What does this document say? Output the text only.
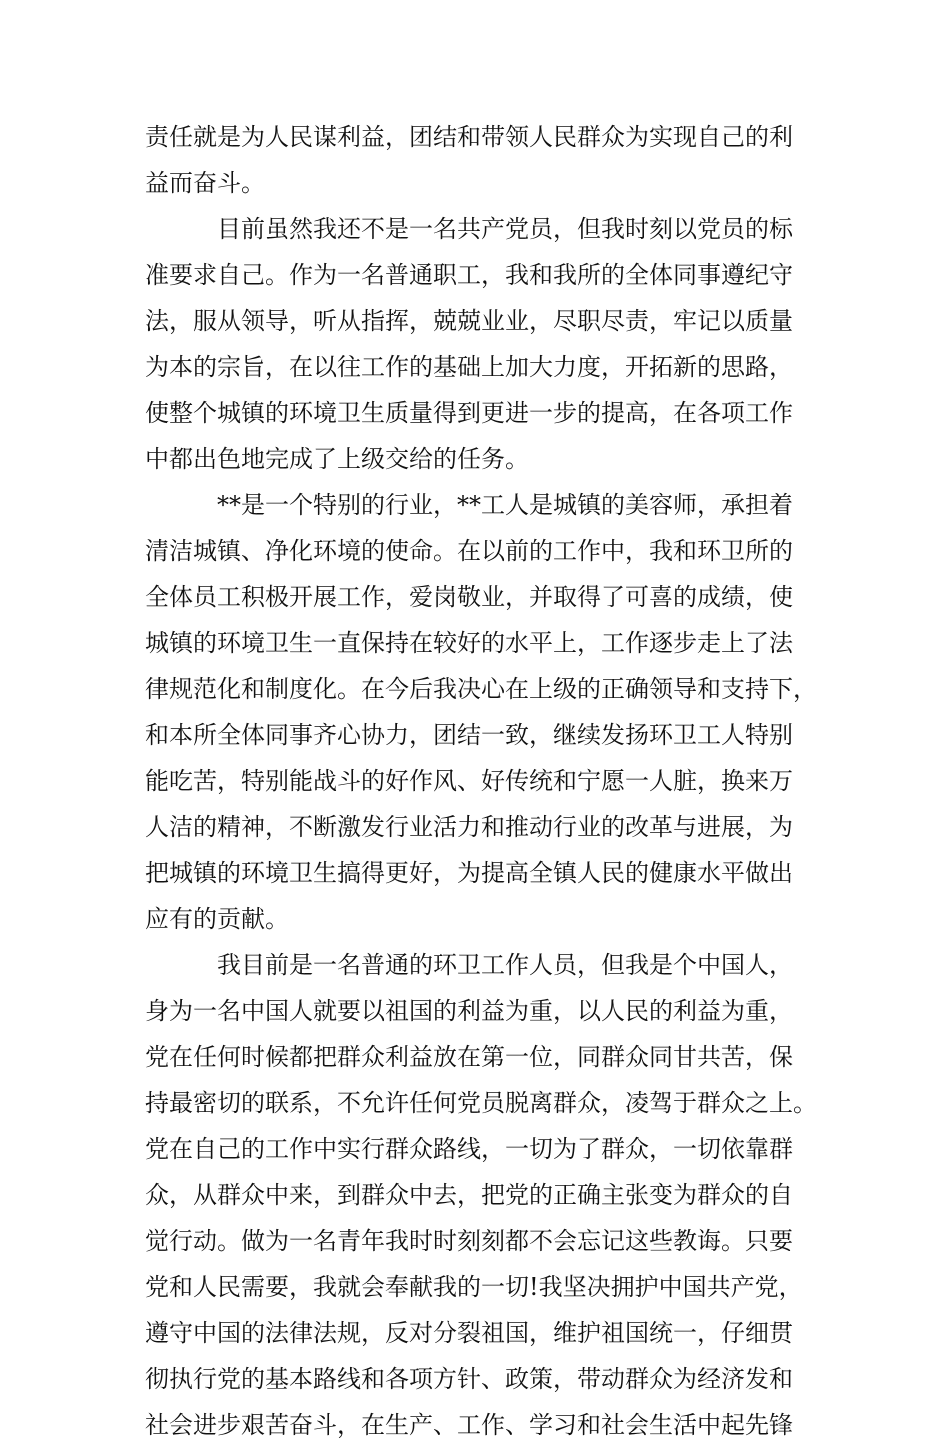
责任就是为人民谋利益，团结和带领人民群众为实现自己的利
益而奋斗。
目前虽然我还不是一名共产党员，但我时刻以党员的标
准要求自己。作为一名普通职工，我和我所的全体同事遵纪守
法，服从领导，听从指挥，兢兢业业，尽职尽责，牢记以质量
为本的宗旨，在以往工作的基础上加大力度，开拓新的思路，
使整个城镇的环境卫生质量得到更进一步的提高，在各项工作
中都出色地完成了上级交给的任务。
**是一个特别的行业，**工人是城镇的美容师，承担着
清洁城镇、净化环境的使命。在以前的工作中，我和环卫所的
全体员工积极开展工作，爱岗敬业，并取得了可喜的成绩，使
城镇的环境卫生一直保持在较好的水平上，工作逐步走上了法
律规范化和制度化。在今后我决心在上级的正确领导和支持下，
和本所全体同事齐心协力，团结一致，继续发扬环卫工人特别
能吃苦，特别能战斗的好作风、好传统和宁愿一人脏，换来万
人洁的精神，不断激发行业活力和推动行业的改革与进展，为
把城镇的环境卫生搞得更好，为提高全镇人民的健康水平做出
应有的贡献。
我目前是一名普通的环卫工作人员，但我是个中国人，
身为一名中国人就要以祖国的利益为重，以人民的利益为重，
党在任何时候都把群众利益放在第一位，同群众同甘共苦，保
持最密切的联系，不允许任何党员脱离群众，凌驾于群众之上。
党在自己的工作中实行群众路线，一切为了群众，一切依靠群
众，从群众中来，到群众中去，把党的正确主张变为群众的自
觉行动。做为一名青年我时时刻刻都不会忘记这些教诲。只要
党和人民需要，我就会奉献我的一切!我坚决拥护中国共产党，
遵守中国的法律法规，反对分裂祖国，维护祖国统一，仔细贯
彻执行党的基本路线和各项方针、政策，带动群众为经济发和
社会进步艰苦奋斗，在生产、工作、学习和社会生活中起先锋
